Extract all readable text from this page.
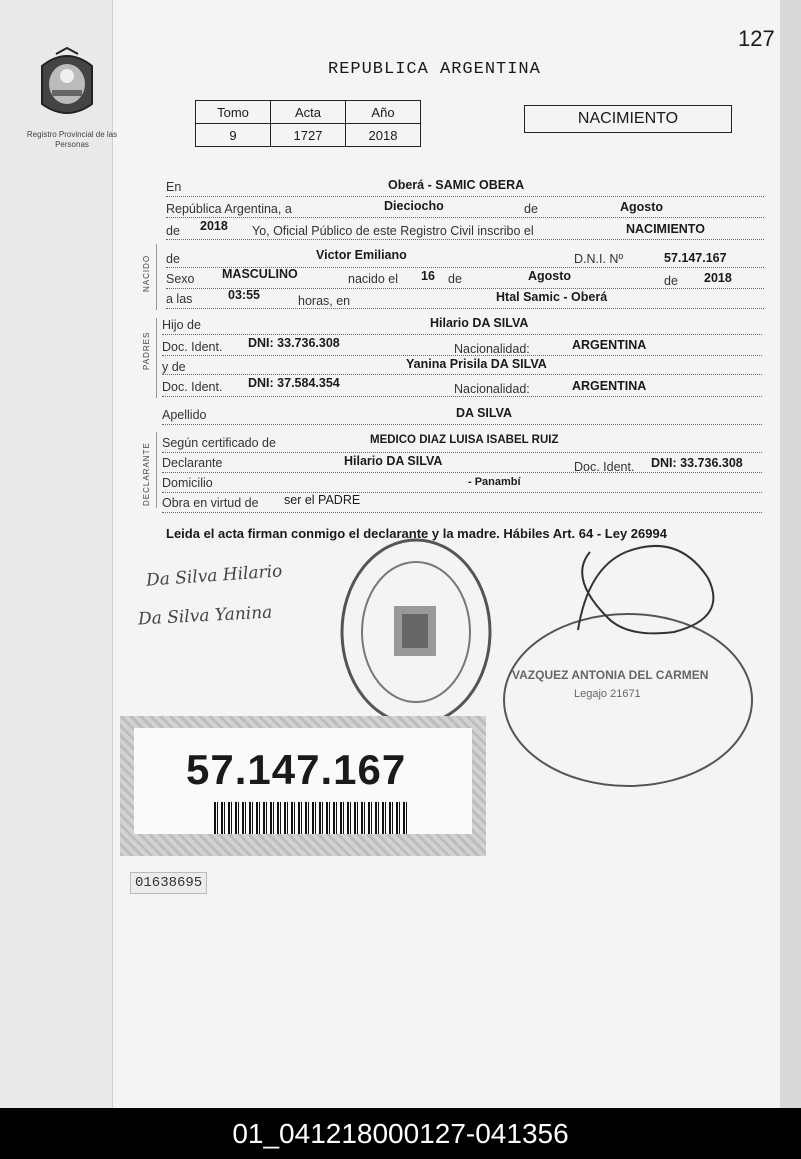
127
REPUBLICA ARGENTINA
Registro Provincial de las Personas
Tomo	Acta	Año
9	1727	2018
NACIMIENTO
En	Oberá - SAMIC OBERA
República Argentina, a	Dieciocho	de	Agosto
de 2018 Yo, Oficial Público de este Registro Civil inscribo el	NACIMIENTO
NACIDO de	Victor Emiliano	D.N.I. Nº	57.147.167
Sexo MASCULINO	nacido el 16 de	Agosto	de 2018
a las	03:55	horas, en	Htal Samic - Oberá
PADRES
Hijo de	Hilario DA SILVA
Doc. Ident. DNI: 33.736.308	Nacionalidad:	ARGENTINA
y de	Yanina Prisila DA SILVA
Doc. Ident. DNI: 37.584.354	Nacionalidad:	ARGENTINA
Apellido	DA SILVA
DECLARANTE Según certificado de	MEDICO DIAZ LUISA ISABEL RUIZ
Declarante	Hilario DA SILVA	Doc. Ident. DNI: 33.736.308
Domicilio	- Panambí
Obra en virtud de ser el PADRE
Leida el acta firman conmigo el declarante y la madre. Hábiles Art. 64 - Ley 26994
Da Silva Hilario
Da Silva Yanina
VAZQUEZ ANTONIA DEL CARMEN
Legajo 21671
57.147.167
01638695
01_041218000127-041356
